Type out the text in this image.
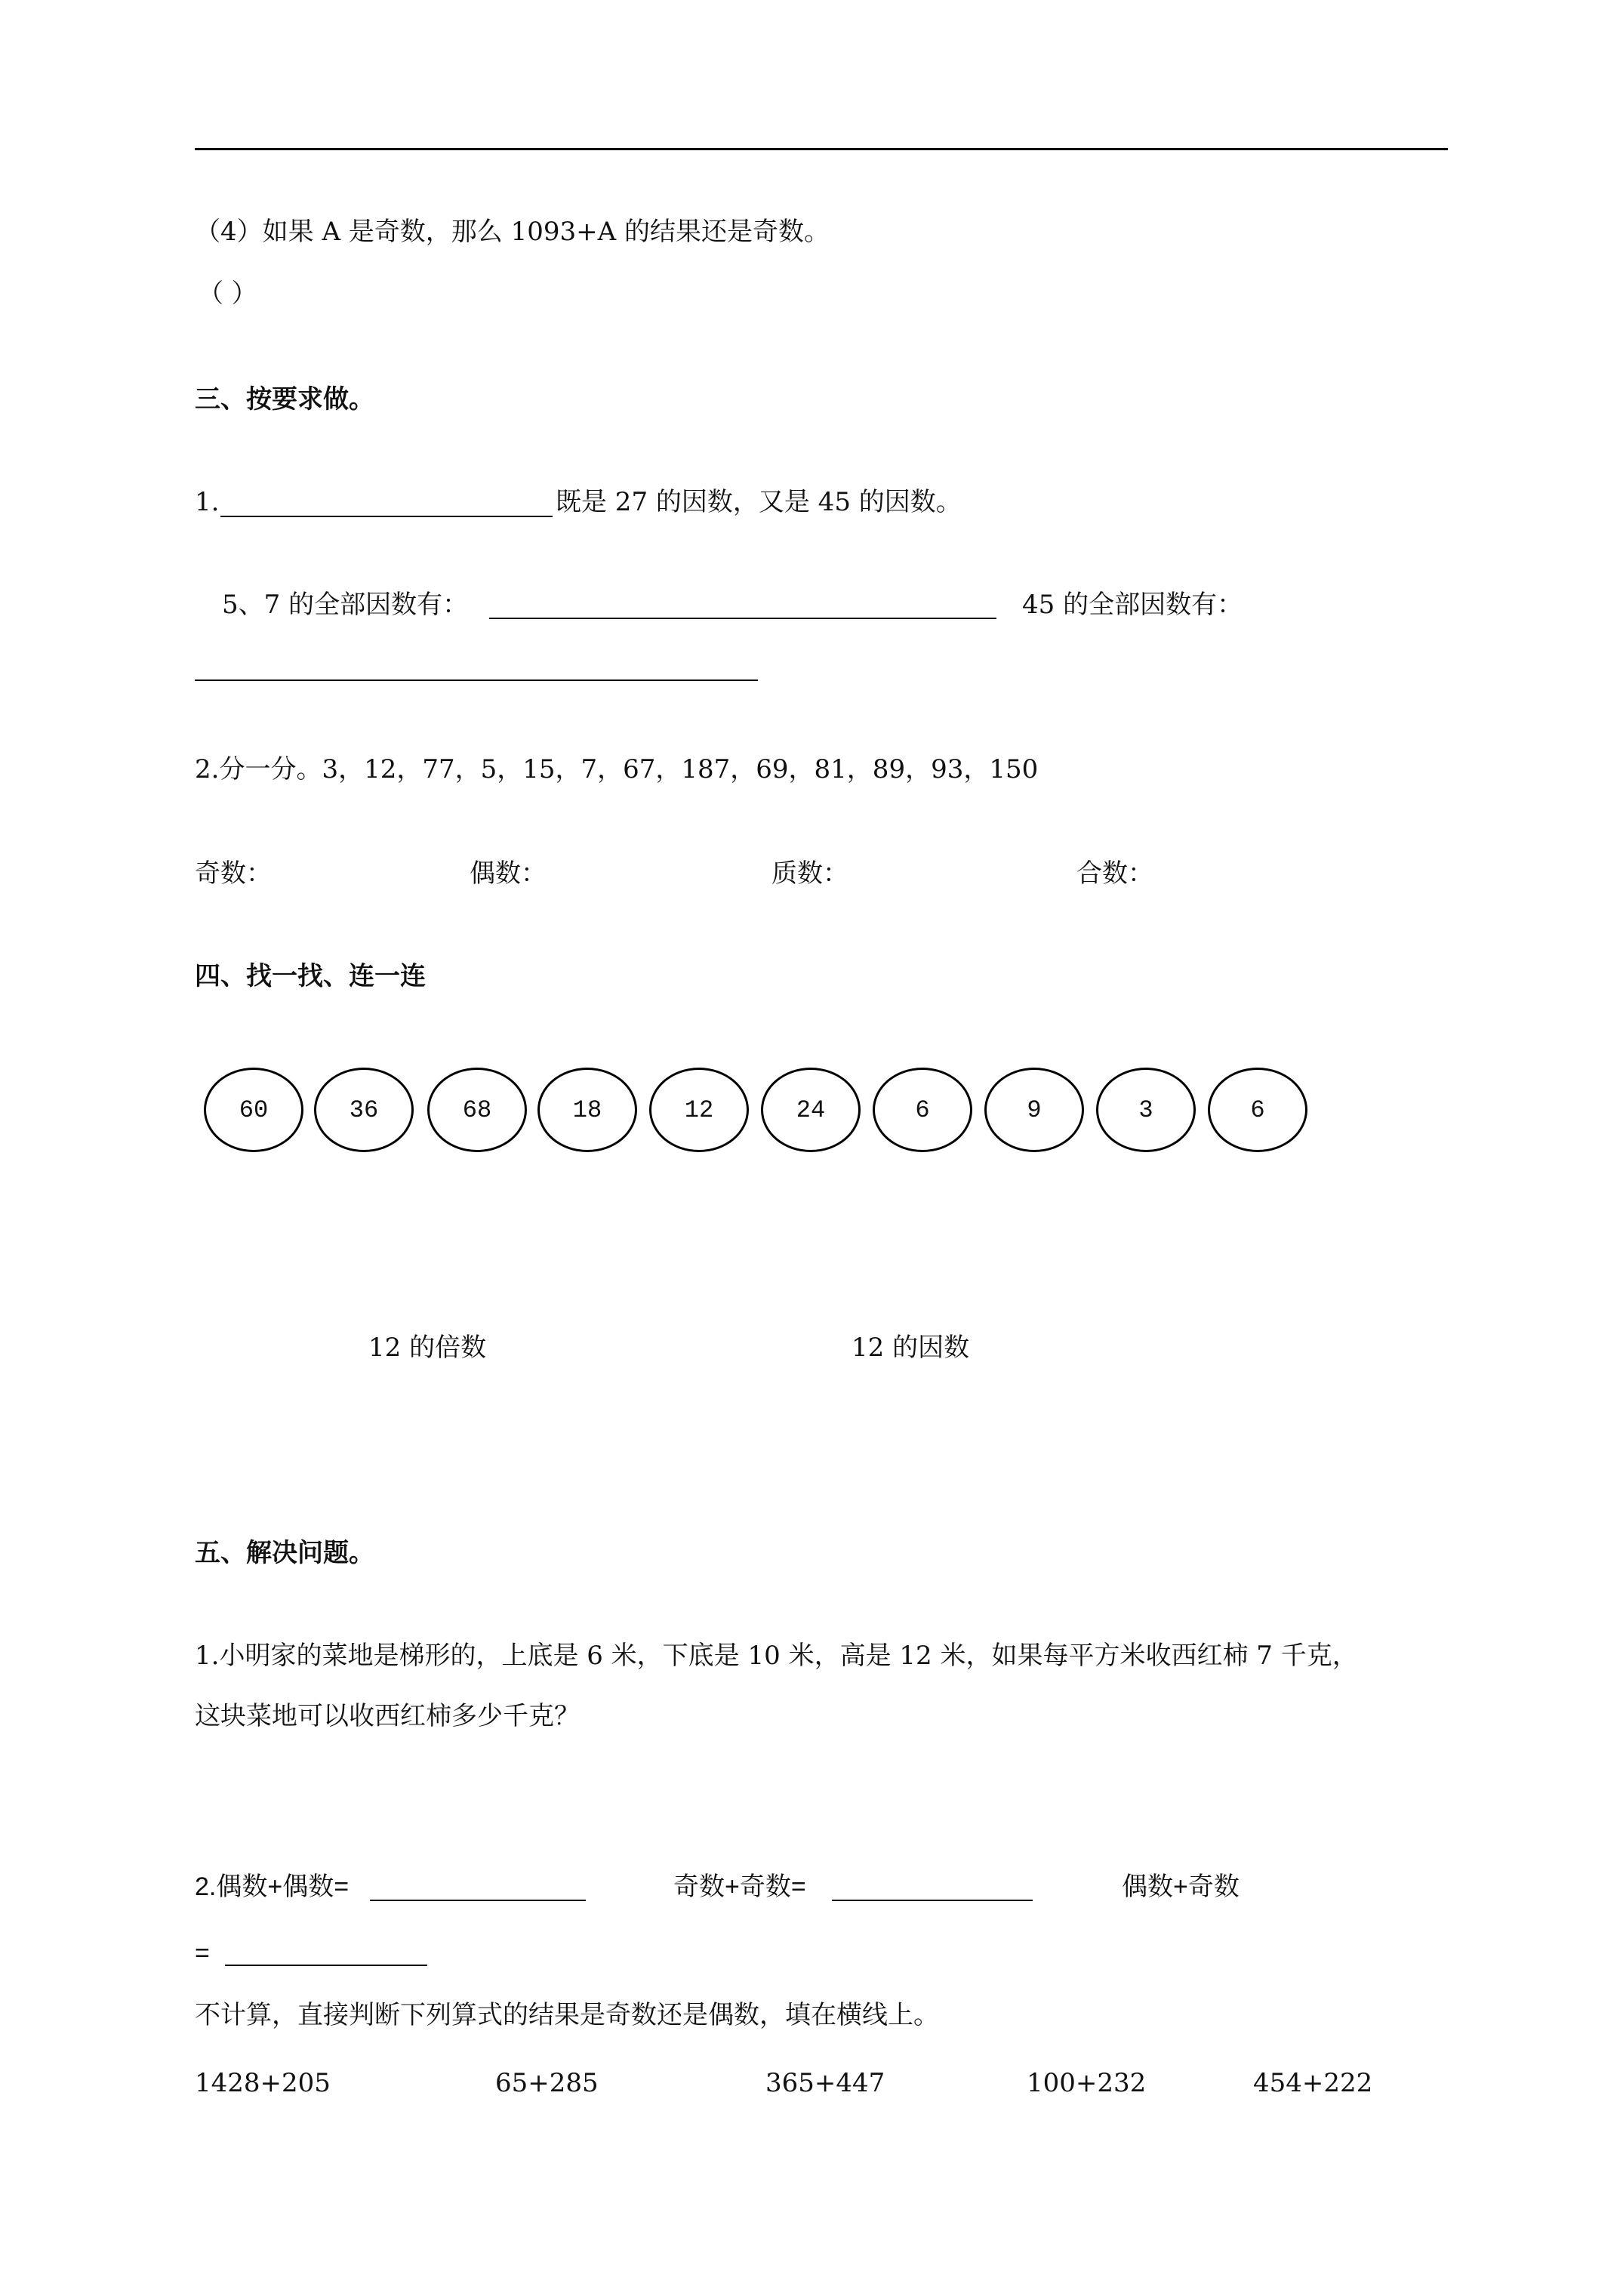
（4）如果 A 是奇数，那么 1093+A 的结果还是奇数。
（ ）
三、按要求做。
1.	既是 27 的因数，又是 45 的因数。
5、7 的全部因数有：	45 的全部因数有：
2.分一分。3，12，77，5，15，7，67，187，69，81，89，93，150
奇数：	偶数：	质数：	合数：
四、找一找、连一连
60	36	68	18	12	24	6	9	3	6
12 的倍数	12 的因数
五、解决问题。
1.小明家的菜地是梯形的，上底是 6 米，下底是 10 米，高是 12 米，如果每平方米收西红柿 7 千克，
这块菜地可以收西红柿多少千克？
2.偶数+偶数=	奇数+奇数=	偶数+奇数
=
不计算，直接判断下列算式的结果是奇数还是偶数，填在横线上。
1428+205	65+285	365+447	100+232	454+222
